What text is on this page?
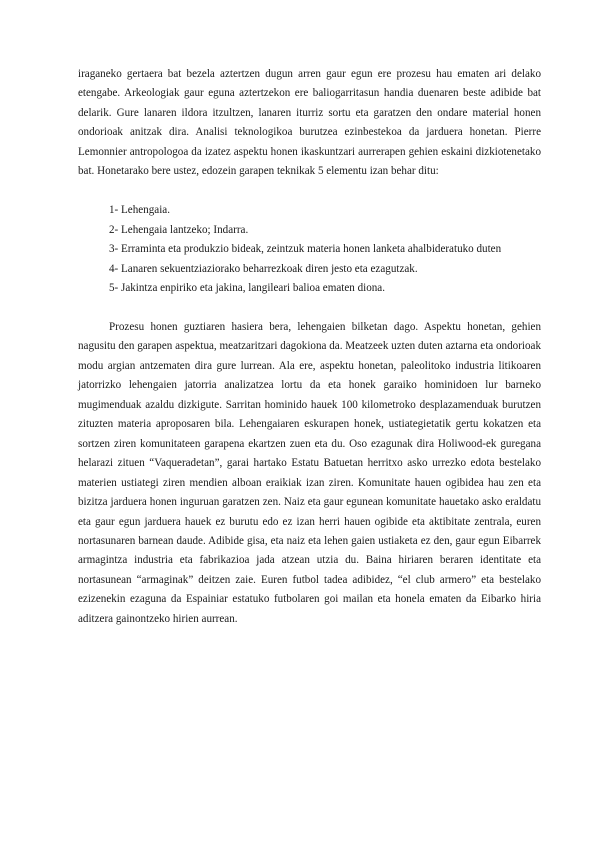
iraganeko gertaera bat bezela aztertzen dugun arren gaur egun ere prozesu hau ematen ari delako etengabe. Arkeologiak gaur eguna aztertzekon ere baliogarritasun handia duenaren beste adibide bat delarik. Gure lanaren ildora itzultzen, lanaren iturriz sortu eta garatzen den ondare material honen ondorioak anitzak dira. Analisi teknologikoa burutzea ezinbestekoa da jarduera honetan. Pierre Lemonnier antropologoa da izatez aspektu honen ikaskuntzari aurrerapen gehien eskaini dizkiotenetako bat. Honetarako bere ustez, edozein garapen teknikak 5 elementu izan behar ditu:

1- Lehengaia.
2- Lehengaia lantzeko; Indarra.
3- Erraminta eta produkzio bideak, zeintzuk materia honen lanketa ahalbideratuko duten
4- Lanaren sekuentziaziorako beharrezkoak diren jesto eta ezagutzak.
5- Jakintza enpiriko eta jakina, langileari balioa ematen diona.

Prozesu honen guztiaren hasiera bera, lehengaien bilketan dago. Aspektu honetan, gehien nagusitu den garapen aspektua, meatzaritzari dagokiona da. Meatzeek uzten duten aztarna eta ondorioak modu argian antzematen dira gure lurrean. Ala ere, aspektu honetan, paleolitoko industria litikoaren jatorrizko lehengaien jatorria analizatzea lortu da eta honek garaiko hominidoen lur barneko mugimenduak azaldu dizkigute. Sarritan hominido hauek 100 kilometroko desplazamenduak burutzen zituzten materia aproposaren bila. Lehengaiaren eskurapen honek, ustiategietatik gertu kokatzen eta sortzen ziren komunitateen garapena ekartzen zuen eta du. Oso ezagunak dira Holiwood-ek guregana helarazi zituen “Vaqueradetan”, garai hartako Estatu Batuetan herritxo asko urrezko edota bestelako materien ustiategi ziren mendien alboan eraikiak izan ziren. Komunitate hauen ogibidea hau zen eta bizitza jarduera honen inguruan garatzen zen. Naiz eta gaur egunean komunitate hauetako asko eraldatu eta gaur egun jarduera hauek ez burutu edo ez izan herri hauen ogibide eta aktibitate zentrala, euren nortasunaren barnean daude. Adibide gisa, eta naiz eta lehen gaien ustiaketa ez den, gaur egun Eibarrek armagintza industria eta fabrikazioa jada atzean utzia du. Baina hiriaren beraren identitate eta nortasunean “armaginak” deitzen zaie. Euren futbol tadea adibidez, “el club armero” eta bestelako ezizenekin ezaguna da Espainiar estatuko futbolaren goi mailan eta honela ematen da Eibarko hiria aditzera gainontzeko hirien aurrean.
